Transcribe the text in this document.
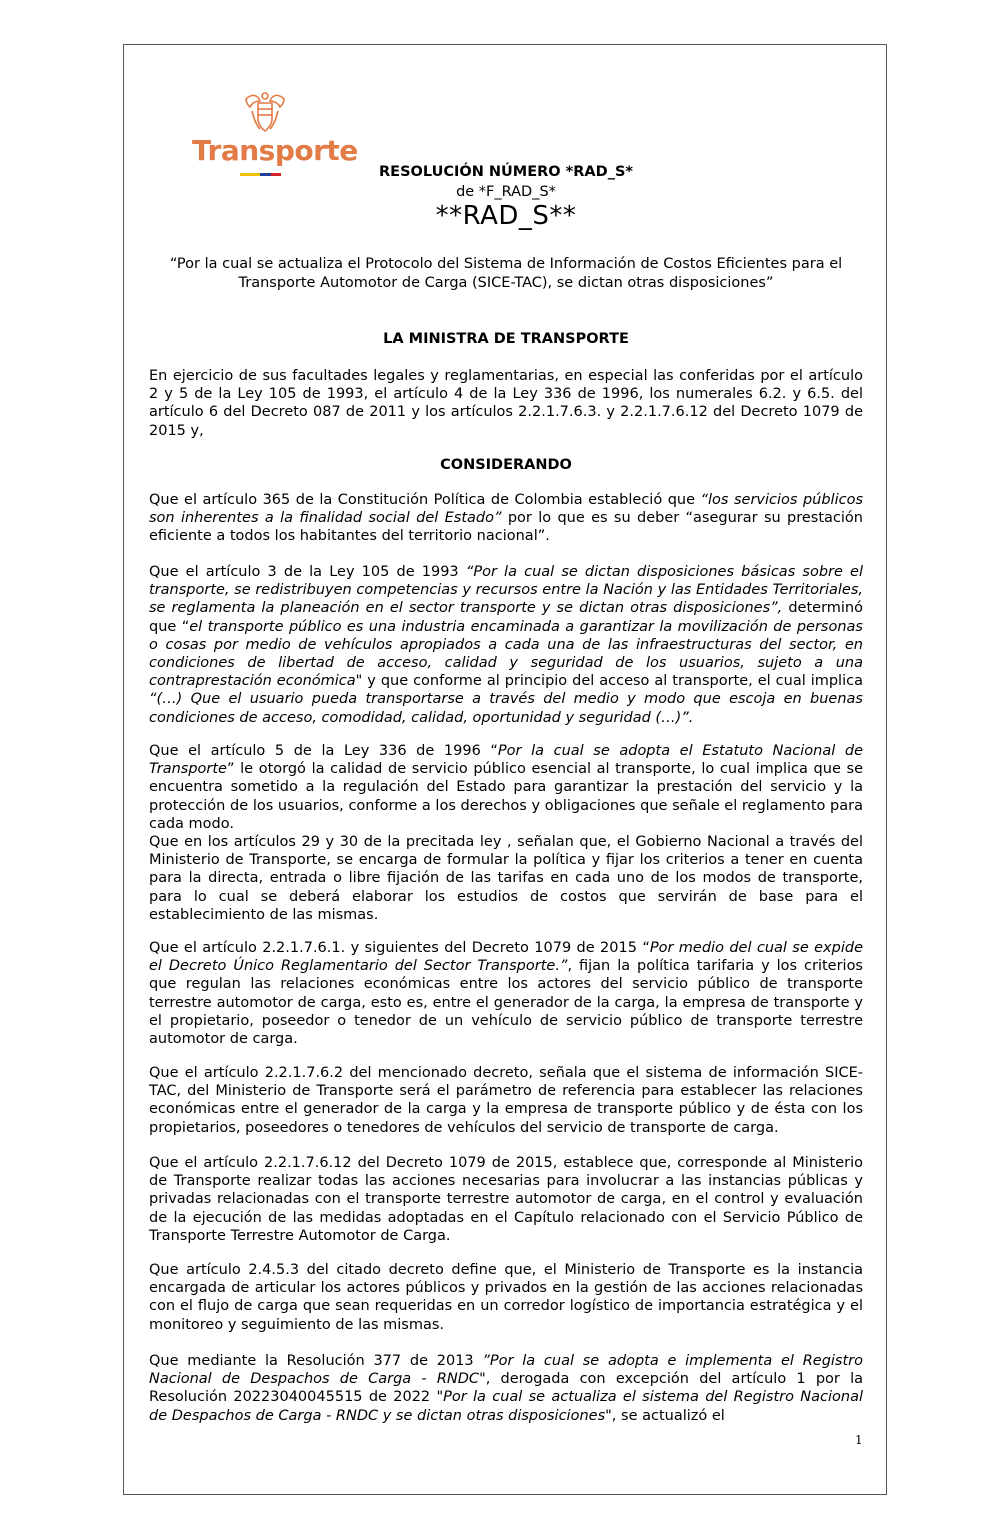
Transporte
RESOLUCIÓN NÚMERO *RAD_S*
de *F_RAD_S*
**RAD_S**
“Por la cual se actualiza el Protocolo del Sistema de Información de Costos Eficientes para el Transporte Automotor de Carga (SICE-TAC), se dictan otras disposiciones”
LA MINISTRA DE TRANSPORTE
En ejercicio de sus facultades legales y reglamentarias, en especial las conferidas por el artículo 2 y 5 de la Ley 105 de 1993, el artículo 4 de la Ley 336 de 1996, los numerales 6.2. y 6.5. del artículo 6 del Decreto 087 de 2011 y los artículos 2.2.1.7.6.3. y 2.2.1.7.6.12 del Decreto 1079 de 2015 y,
CONSIDERANDO
Que el artículo 365 de la Constitución Política de Colombia estableció que “los servicios públicos son inherentes a la finalidad social del Estado” por lo que es su deber “asegurar su prestación eficiente a todos los habitantes del territorio nacional”.
Que el artículo 3 de la Ley 105 de 1993 “Por la cual se dictan disposiciones básicas sobre el transporte, se redistribuyen competencias y recursos entre la Nación y las Entidades Territoriales, se reglamenta la planeación en el sector transporte y se dictan otras disposiciones”, determinó que “el transporte público es una industria encaminada a garantizar la movilización de personas o cosas por medio de vehículos apropiados a cada una de las infraestructuras del sector, en condiciones de libertad de acceso, calidad y seguridad de los usuarios, sujeto a una contraprestación económica" y que conforme al principio del acceso al transporte, el cual implica “(…) Que el usuario pueda transportarse a través del medio y modo que escoja en buenas condiciones de acceso, comodidad, calidad, oportunidad y seguridad (…)”.
Que el artículo 5 de la Ley 336 de 1996 “Por la cual se adopta el Estatuto Nacional de Transporte” le otorgó la calidad de servicio público esencial al transporte, lo cual implica que se encuentra sometido a la regulación del Estado para garantizar la prestación del servicio y la protección de los usuarios, conforme a los derechos y obligaciones que señale el reglamento para cada modo.
Que en los artículos 29 y 30 de la precitada ley , señalan que, el Gobierno Nacional a través del Ministerio de Transporte, se encarga de formular la política y fijar los criterios a tener en cuenta para la directa, entrada o libre fijación de las tarifas en cada uno de los modos de transporte, para lo cual se deberá elaborar los estudios de costos que servirán de base para el establecimiento de las mismas.
Que el artículo 2.2.1.7.6.1. y siguientes del Decreto 1079 de 2015 “Por medio del cual se expide el Decreto Único Reglamentario del Sector Transporte.”, fijan la política tarifaria y los criterios que regulan las relaciones económicas entre los actores del servicio público de transporte terrestre automotor de carga, esto es, entre el generador de la carga, la empresa de transporte y el propietario, poseedor o tenedor de un vehículo de servicio público de transporte terrestre automotor de carga.
Que el artículo 2.2.1.7.6.2 del mencionado decreto, señala que el sistema de información SICE-TAC, del Ministerio de Transporte será el parámetro de referencia para establecer las relaciones económicas entre el generador de la carga y la empresa de transporte público y de ésta con los propietarios, poseedores o tenedores de vehículos del servicio de transporte de carga.
Que el artículo 2.2.1.7.6.12 del Decreto 1079 de 2015, establece que, corresponde al Ministerio de Transporte realizar todas las acciones necesarias para involucrar a las instancias públicas y privadas relacionadas con el transporte terrestre automotor de carga, en el control y evaluación de la ejecución de las medidas adoptadas en el Capítulo relacionado con el Servicio Público de Transporte Terrestre Automotor de Carga.
Que artículo 2.4.5.3 del citado decreto define que, el Ministerio de Transporte es la instancia encargada de articular los actores públicos y privados en la gestión de las acciones relacionadas con el flujo de carga que sean requeridas en un corredor logístico de importancia estratégica y el monitoreo y seguimiento de las mismas.
Que mediante la Resolución 377 de 2013 ”Por la cual se adopta e implementa el Registro Nacional de Despachos de Carga - RNDC", derogada con excepción del artículo 1 por la Resolución 20223040045515 de 2022 "Por la cual se actualiza el sistema del Registro Nacional de Despachos de Carga - RNDC y se dictan otras disposiciones", se actualizó el
1
